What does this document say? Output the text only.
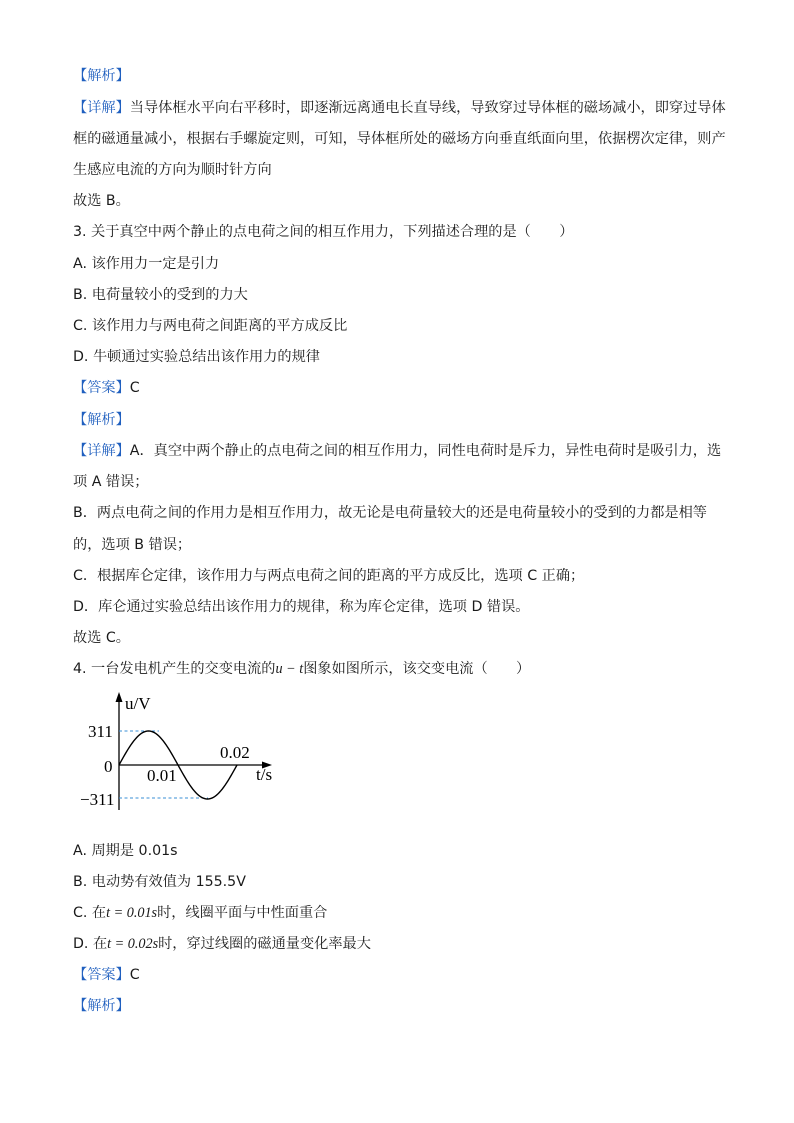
【解析】
【详解】当导体框水平向右平移时，即逐渐远离通电长直导线，导致穿过导体框的磁场减小，即穿过导体
框的磁通量减小，根据右手螺旋定则，可知，导体框所处的磁场方向垂直纸面向里，依据楞次定律，则产
生感应电流的方向为顺时针方向
故选 B。
3. 关于真空中两个静止的点电荷之间的相互作用力，下列描述合理的是（　　）
A. 该作用力一定是引力
B. 电荷量较小的受到的力大
C. 该作用力与两电荷之间距离的平方成反比
D. 牛顿通过实验总结出该作用力的规律
【答案】C
【解析】
【详解】A．真空中两个静止的点电荷之间的相互作用力，同性电荷时是斥力，异性电荷时是吸引力，选
项 A 错误；
B．两点电荷之间的作用力是相互作用力，故无论是电荷量较大的还是电荷量较小的受到的力都是相等
的，选项 B 错误；
C．根据库仑定律，该作用力与两点电荷之间的距离的平方成反比，选项 C 正确；
D．库仑通过实验总结出该作用力的规律，称为库仑定律，选项 D 错误。
故选 C。
4. 一台发电机产生的交变电流的u − t图象如图所示，该交变电流（　　）
u/V
311
0 0.01
0.02
t/s
−311
A. 周期是 0.01s
B. 电动势有效值为 155.5V
C. 在t = 0.01s时，线圈平面与中性面重合
D. 在t = 0.02s时，穿过线圈的磁通量变化率最大
【答案】C
【解析】
